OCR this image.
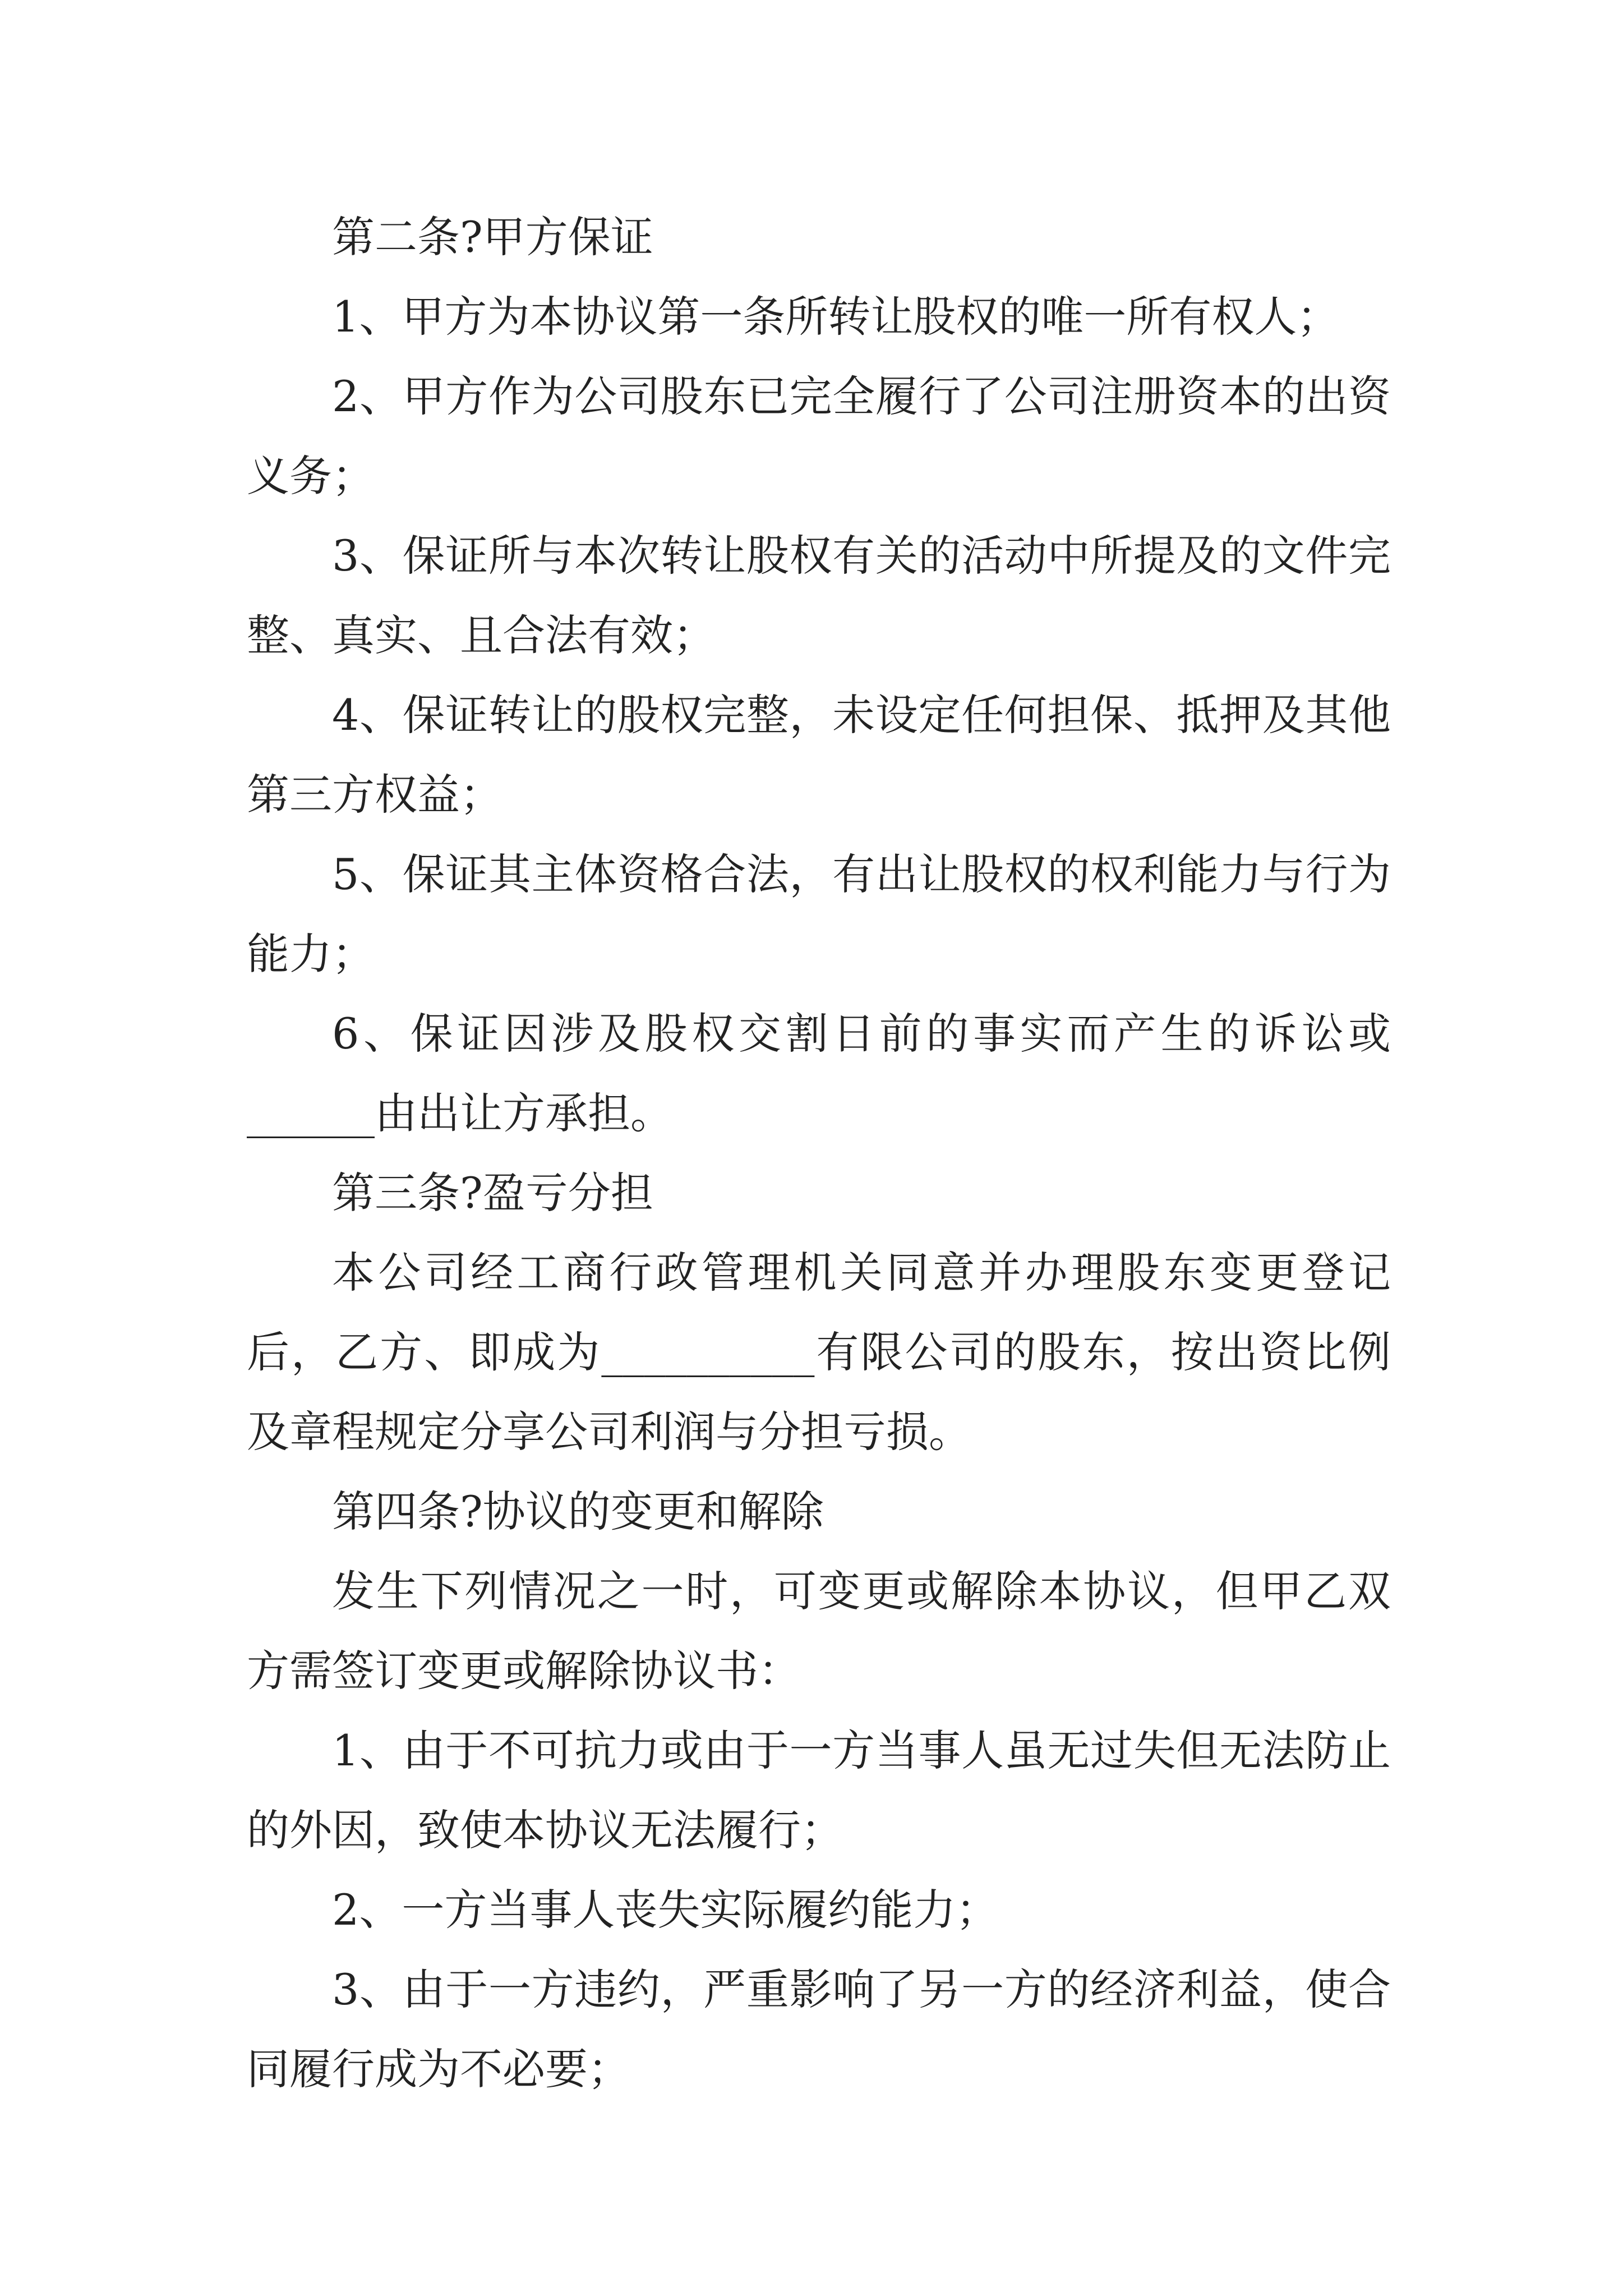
第二条?甲方保证

1、甲方为本协议第一条所转让股权的唯一所有权人；

2、甲方作为公司股东已完全履行了公司注册资本的出资义务；

3、保证所与本次转让股权有关的活动中所提及的文件完整、真实、且合法有效；

4、保证转让的股权完整，未设定任何担保、抵押及其他第三方权益；

5、保证其主体资格合法，有出让股权的权利能力与行为能力；

6、保证因涉及股权交割日前的事实而产生的诉讼或______由出让方承担。

第三条?盈亏分担

本公司经工商行政管理机关同意并办理股东变更登记后，乙方、即成为__________有限公司的股东，按出资比例及章程规定分享公司利润与分担亏损。

第四条?协议的变更和解除

发生下列情况之一时，可变更或解除本协议，但甲乙双方需签订变更或解除协议书：

1、由于不可抗力或由于一方当事人虽无过失但无法防止的外因，致使本协议无法履行；

2、一方当事人丧失实际履约能力；

3、由于一方违约，严重影响了另一方的经济利益，使合同履行成为不必要；
